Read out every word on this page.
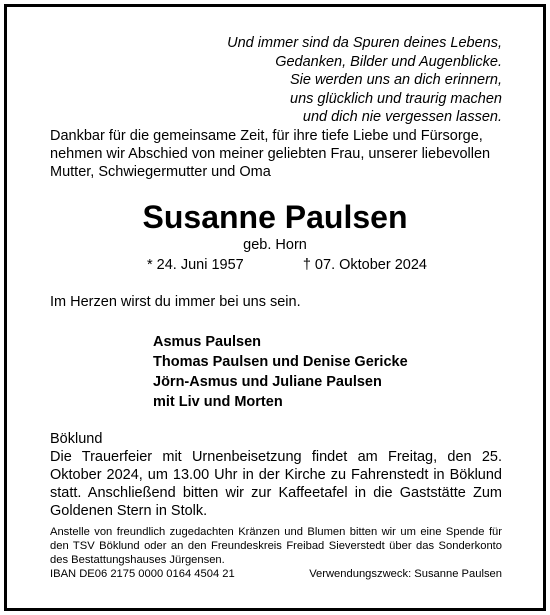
Und immer sind da Spuren deines Lebens,
Gedanken, Bilder und Augenblicke.
Sie werden uns an dich erinnern,
uns glücklich und traurig machen
und dich nie vergessen lassen.
Dankbar für die gemeinsame Zeit, für ihre tiefe Liebe und Fürsorge,
nehmen wir Abschied von meiner geliebten Frau, unserer liebevollen
Mutter, Schwiegermutter und Oma
Susanne Paulsen
geb. Horn
* 24. Juni 1957	† 07. Oktober 2024
Im Herzen wirst du immer bei uns sein.
Asmus Paulsen
Thomas Paulsen und Denise Gericke
Jörn-Asmus und Juliane Paulsen
mit Liv und Morten
Böklund
Die Trauerfeier mit Urnenbeisetzung findet am Freitag, den 25. Oktober 2024, um 13.00 Uhr in der Kirche zu Fahrenstedt in Böklund statt. Anschließend bitten wir zur Kaffeetafel in die Gaststätte Zum Goldenen Stern in Stolk.
Anstelle von freundlich zugedachten Kränzen und Blumen bitten wir um eine Spende für den TSV Böklund oder an den Freundeskreis Freibad Sieverstedt über das Sonderkonto des Bestattungshauses Jürgensen.
IBAN DE06 2175 0000 0164 4504 21	Verwendungszweck: Susanne Paulsen
